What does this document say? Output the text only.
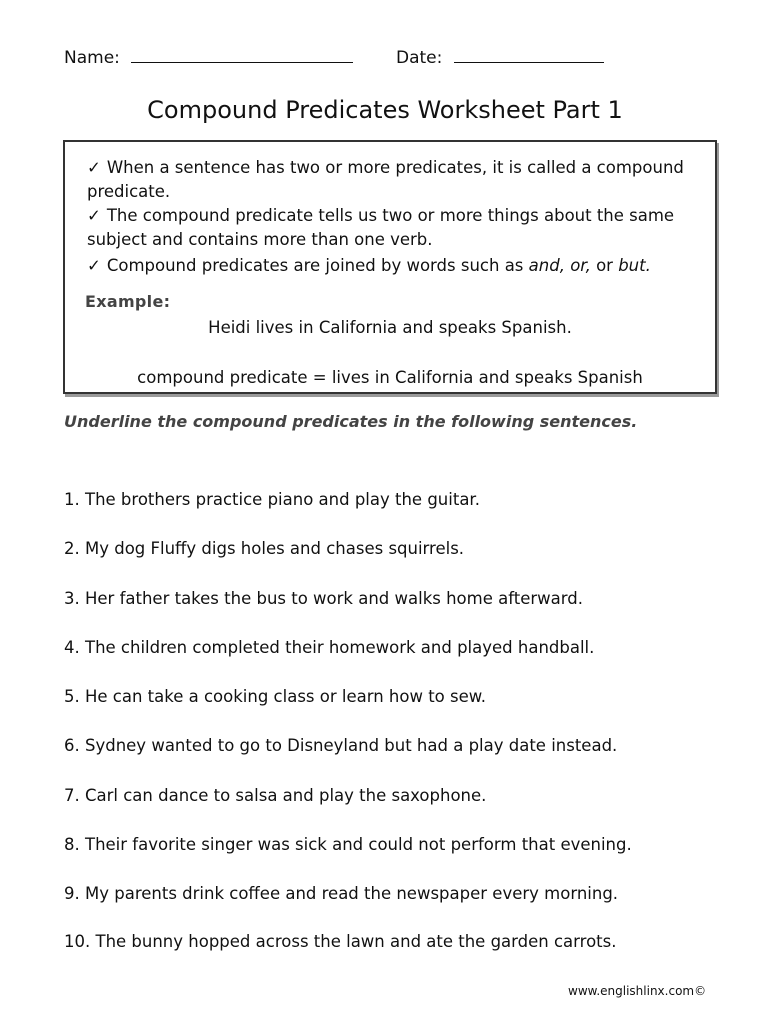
Name:	Date:
Compound Predicates Worksheet Part 1
✓ When a sentence has two or more predicates, it is called a compound predicate.
✓ The compound predicate tells us two or more things about the same subject and contains more than one verb.
✓ Compound predicates are joined by words such as and, or, or but.
Example:
Heidi lives in California and speaks Spanish.
compound predicate = lives in California and speaks Spanish
Underline the compound predicates in the following sentences.
1. The brothers practice piano and play the guitar.
2. My dog Fluffy digs holes and chases squirrels.
3. Her father takes the bus to work and walks home afterward.
4. The children completed their homework and played handball.
5. He can take a cooking class or learn how to sew.
6. Sydney wanted to go to Disneyland but had a play date instead.
7. Carl can dance to salsa and play the saxophone.
8. Their favorite singer was sick and could not perform that evening.
9. My parents drink coffee and read the newspaper every morning.
10. The bunny hopped across the lawn and ate the garden carrots.
www.englishlinx.com©
